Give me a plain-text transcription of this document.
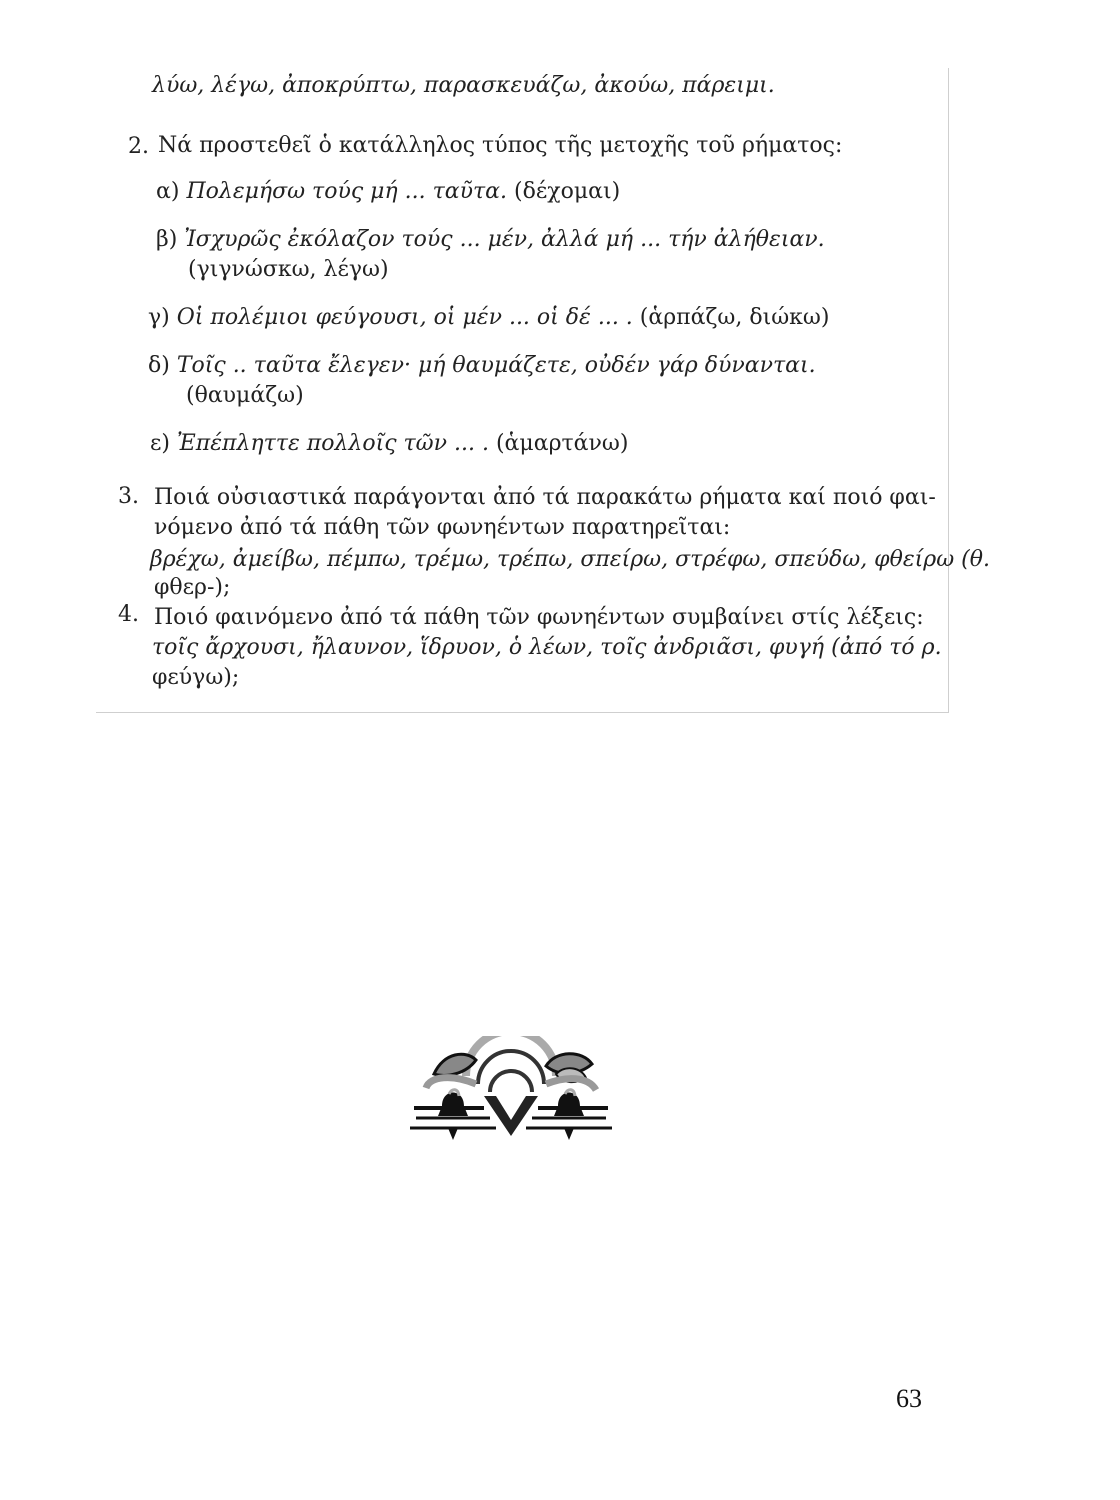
λύω, λέγω, ἀποκρύπτω, παρασκευάζω, ἀκούω, πάρειμι.
2. Νά προστεθεῖ ὁ κατάλληλος τύπος τῆς μετοχῆς τοῦ ρήματος:
α) Πολεμήσω τούς μή ... ταῦτα. (δέχομαι)
β) Ἰσχυρῶς ἐκόλαζον τούς ... μέν, ἀλλά μή ... τήν ἀλήθειαν.
(γιγνώσκω, λέγω)
γ) Οἱ πολέμιοι φεύγουσι, οἱ μέν ... οἱ δέ ... . (ἁρπάζω, διώκω)
δ) Τοῖς .. ταῦτα ἔλεγεν· μή θαυμάζετε, οὐδέν γάρ δύνανται.
(θαυμάζω)
ε) Ἐπέπληττε πολλοῖς τῶν ... . (ἁμαρτάνω)
3. Ποιά οὐσιαστικά παράγονται ἀπό τά παρακάτω ρήματα καί ποιό φαι-
νόμενο ἀπό τά πάθη τῶν φωνηέντων παρατηρεῖται:
βρέχω, ἀμείβω, πέμπω, τρέμω, τρέπω, σπείρω, στρέφω, σπεύδω, φθείρω (θ.
φθερ-);
4. Ποιό φαινόμενο ἀπό τά πάθη τῶν φωνηέντων συμβαίνει στίς λέξεις:
τοῖς ἄρχουσι, ἤλαυνον, ἵδρυον, ὁ λέων, τοῖς ἀνδριᾶσι, φυγή (ἀπό τό ρ.
φεύγω);
63
